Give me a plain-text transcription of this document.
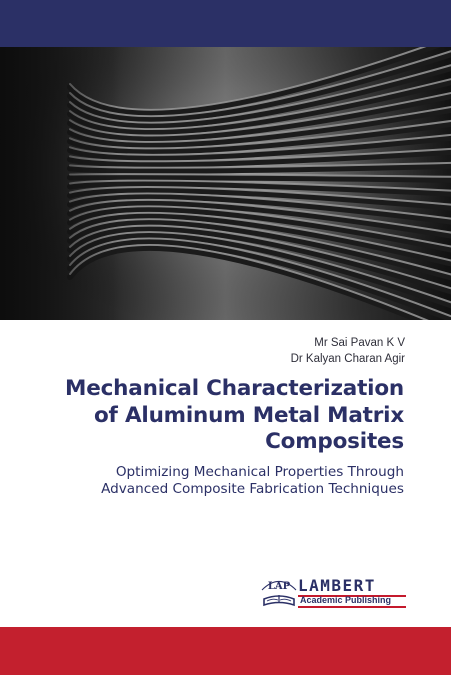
Mr Sai Pavan K V
Dr Kalyan Charan Agir
Mechanical Characterization
of Aluminum Metal Matrix
Composites
Optimizing Mechanical Properties Through
Advanced Composite Fabrication Techniques
LAP LAMBERT
Academic Publishing
